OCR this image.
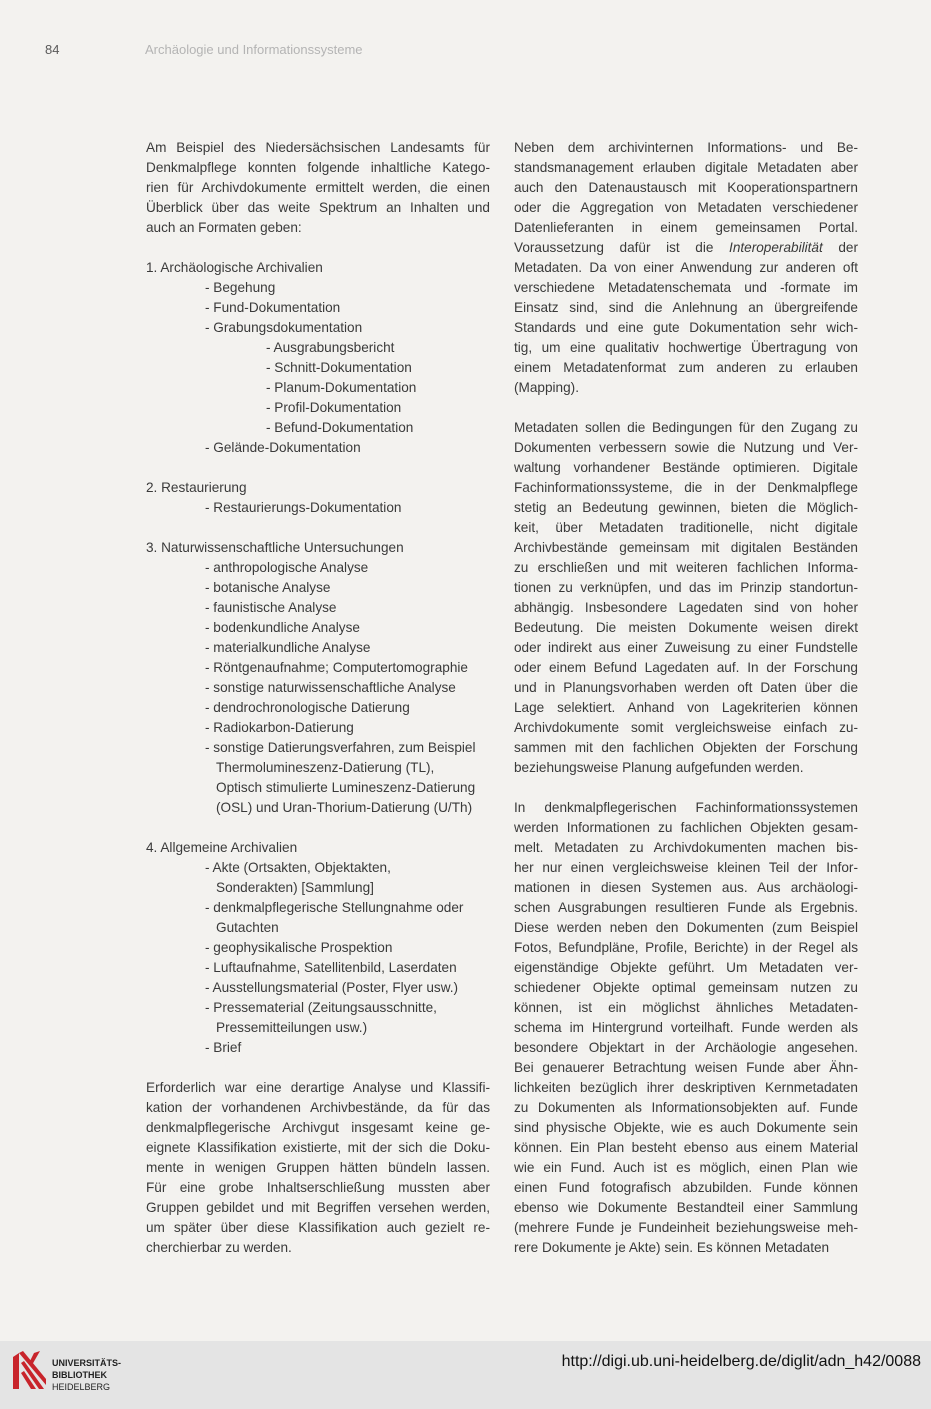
84	Archäologie und Informationssysteme
Am Beispiel des Niedersächsischen Landesamts für
Denkmalpflege konnten folgende inhaltliche Katego-
rien für Archivdokumente ermittelt werden, die einen
Überblick über das weite Spektrum an Inhalten und
auch an Formaten geben:
1. Archäologische Archivalien
- Begehung
- Fund-Dokumentation
- Grabungsdokumentation
- Ausgrabungsbericht
- Schnitt-Dokumentation
- Planum-Dokumentation
- Profil-Dokumentation
- Befund-Dokumentation
- Gelände-Dokumentation
2. Restaurierung
- Restaurierungs-Dokumentation
3. Naturwissenschaftliche Untersuchungen
- anthropologische Analyse
- botanische Analyse
- faunistische Analyse
- bodenkundliche Analyse
- materialkundliche Analyse
- Röntgenaufnahme; Computertomographie
- sonstige naturwissenschaftliche Analyse
- dendrochronologische Datierung
- Radiokarbon-Datierung
- sonstige Datierungsverfahren, zum Beispiel
Thermolumineszenz-Datierung (TL),
Optisch stimulierte Lumineszenz-Datierung
(OSL) und Uran-Thorium-Datierung (U/Th)
4. Allgemeine Archivalien
- Akte (Ortsakten, Objektakten,
Sonderakten) [Sammlung]
- denkmalpflegerische Stellungnahme oder
Gutachten
- geophysikalische Prospektion
- Luftaufnahme, Satellitenbild, Laserdaten
- Ausstellungsmaterial (Poster, Flyer usw.)
- Pressematerial (Zeitungsausschnitte,
Pressemitteilungen usw.)
- Brief
Erforderlich war eine derartige Analyse und Klassifi-
kation der vorhandenen Archivbestände, da für das
denkmalpflegerische Archivgut insgesamt keine ge-
eignete Klassifikation existierte, mit der sich die Doku-
mente in wenigen Gruppen hätten bündeln lassen.
Für eine grobe Inhaltserschließung mussten aber
Gruppen gebildet und mit Begriffen versehen werden,
um später über diese Klassifikation auch gezielt re-
cherchierbar zu werden.
Neben dem archivinternen Informations- und Be-
standsmanagement erlauben digitale Metadaten aber
auch den Datenaustausch mit Kooperationspartnern
oder die Aggregation von Metadaten verschiedener
Datenlieferanten in einem gemeinsamen Portal.
Voraussetzung dafür ist die Interoperabilität der
Metadaten. Da von einer Anwendung zur anderen oft
verschiedene Metadatenschemata und -formate im
Einsatz sind, sind die Anlehnung an übergreifende
Standards und eine gute Dokumentation sehr wich-
tig, um eine qualitativ hochwertige Übertragung von
einem Metadatenformat zum anderen zu erlauben
(Mapping).
Metadaten sollen die Bedingungen für den Zugang zu
Dokumenten verbessern sowie die Nutzung und Ver-
waltung vorhandener Bestände optimieren. Digitale
Fachinformationssysteme, die in der Denkmalpflege
stetig an Bedeutung gewinnen, bieten die Möglich-
keit, über Metadaten traditionelle, nicht digitale
Archivbestände gemeinsam mit digitalen Beständen
zu erschließen und mit weiteren fachlichen Informa-
tionen zu verknüpfen, und das im Prinzip standortun-
abhängig. Insbesondere Lagedaten sind von hoher
Bedeutung. Die meisten Dokumente weisen direkt
oder indirekt aus einer Zuweisung zu einer Fundstelle
oder einem Befund Lagedaten auf. In der Forschung
und in Planungsvorhaben werden oft Daten über die
Lage selektiert. Anhand von Lagekriterien können
Archivdokumente somit vergleichsweise einfach zu-
sammen mit den fachlichen Objekten der Forschung
beziehungsweise Planung aufgefunden werden.
In denkmalpflegerischen Fachinformationssystemen
werden Informationen zu fachlichen Objekten gesam-
melt. Metadaten zu Archivdokumenten machen bis-
her nur einen vergleichsweise kleinen Teil der Infor-
mationen in diesen Systemen aus. Aus archäologi-
schen Ausgrabungen resultieren Funde als Ergebnis.
Diese werden neben den Dokumenten (zum Beispiel
Fotos, Befundpläne, Profile, Berichte) in der Regel als
eigenständige Objekte geführt. Um Metadaten ver-
schiedener Objekte optimal gemeinsam nutzen zu
können, ist ein möglichst ähnliches Metadaten-
schema im Hintergrund vorteilhaft. Funde werden als
besondere Objektart in der Archäologie angesehen.
Bei genauerer Betrachtung weisen Funde aber Ähn-
lichkeiten bezüglich ihrer deskriptiven Kernmetadaten
zu Dokumenten als Informationsobjekten auf. Funde
sind physische Objekte, wie es auch Dokumente sein
können. Ein Plan besteht ebenso aus einem Material
wie ein Fund. Auch ist es möglich, einen Plan wie
einen Fund fotografisch abzubilden. Funde können
ebenso wie Dokumente Bestandteil einer Sammlung
(mehrere Funde je Fundeinheit beziehungsweise meh-
rere Dokumente je Akte) sein. Es können Metadaten
UNIVERSITÄTS-
BIBLIOTHEK
HEIDELBERG
http://digi.ub.uni-heidelberg.de/diglit/adn_h42/0088
